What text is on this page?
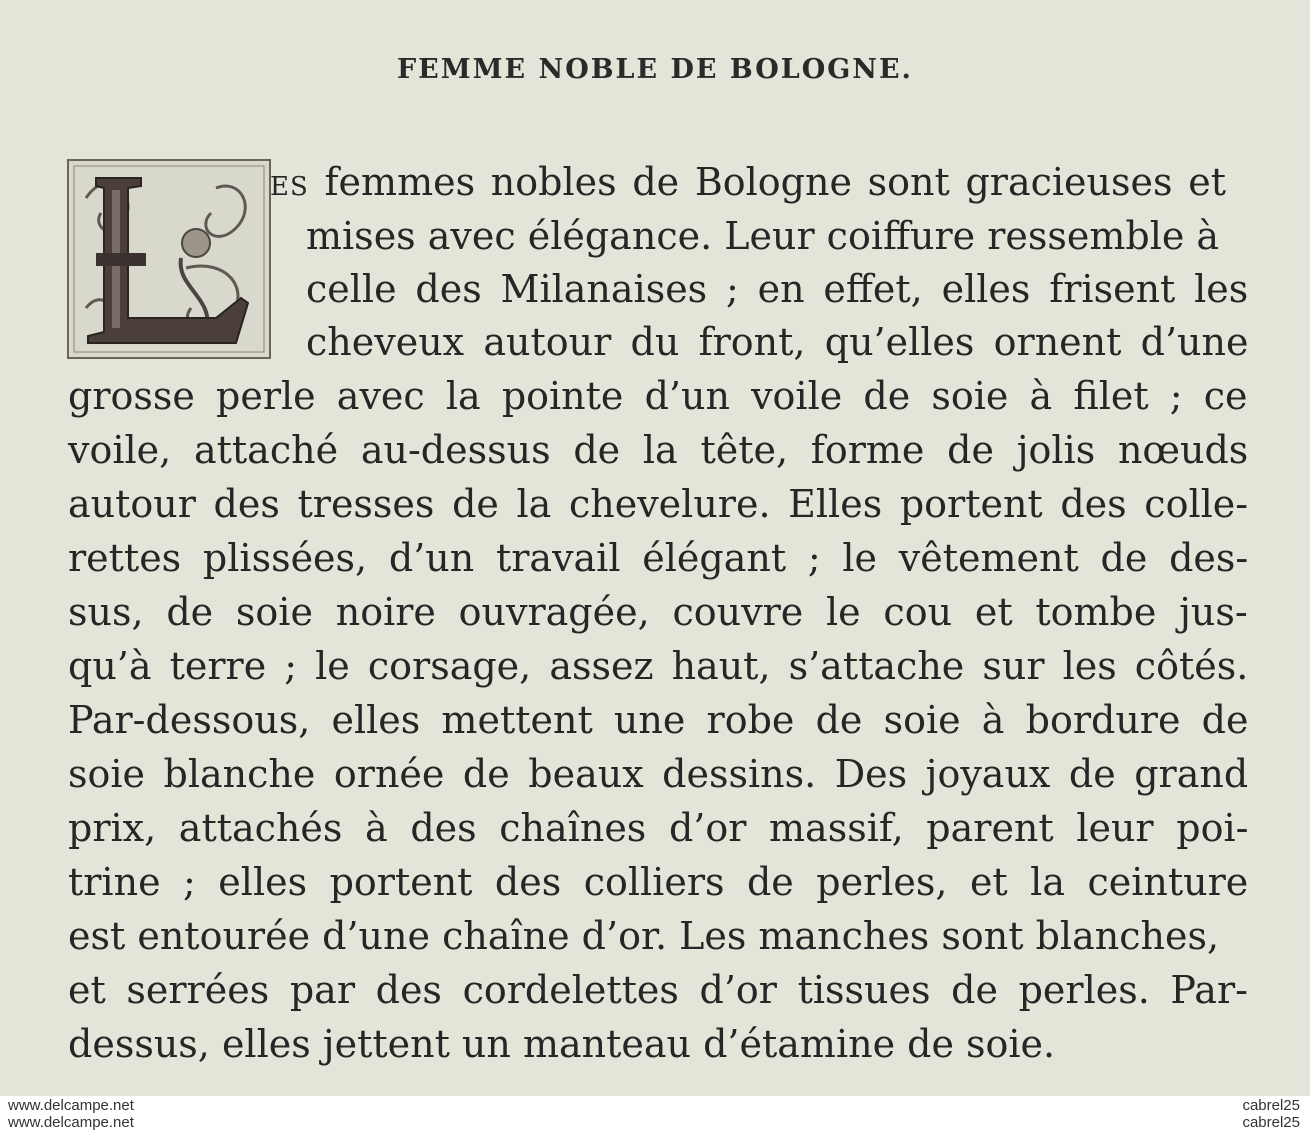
FEMME NOBLE DE BOLOGNE.
ES femmes nobles de Bologne sont gracieuses et
mises avec élégance. Leur coiffure ressemble à
celle des Milanaises ; en effet, elles frisent les
cheveux autour du front, qu’elles ornent d’une
grosse perle avec la pointe d’un voile de soie à filet ; ce
voile, attaché au-dessus de la tête, forme de jolis nœuds
autour des tresses de la chevelure. Elles portent des colle-
rettes plissées, d’un travail élégant ; le vêtement de des-
sus, de soie noire ouvragée, couvre le cou et tombe jus-
qu’à terre ; le corsage, assez haut, s’attache sur les côtés.
Par-dessous, elles mettent une robe de soie à bordure de
soie blanche ornée de beaux dessins. Des joyaux de grand
prix, attachés à des chaînes d’or massif, parent leur poi-
trine ; elles portent des colliers de perles, et la ceinture
est entourée d’une chaîne d’or. Les manches sont blanches,
et serrées par des cordelettes d’or tissues de perles. Par-
dessus, elles jettent un manteau d’étamine de soie.
www.delcampe.net
www.delcampe.net
cabrel25
cabrel25
